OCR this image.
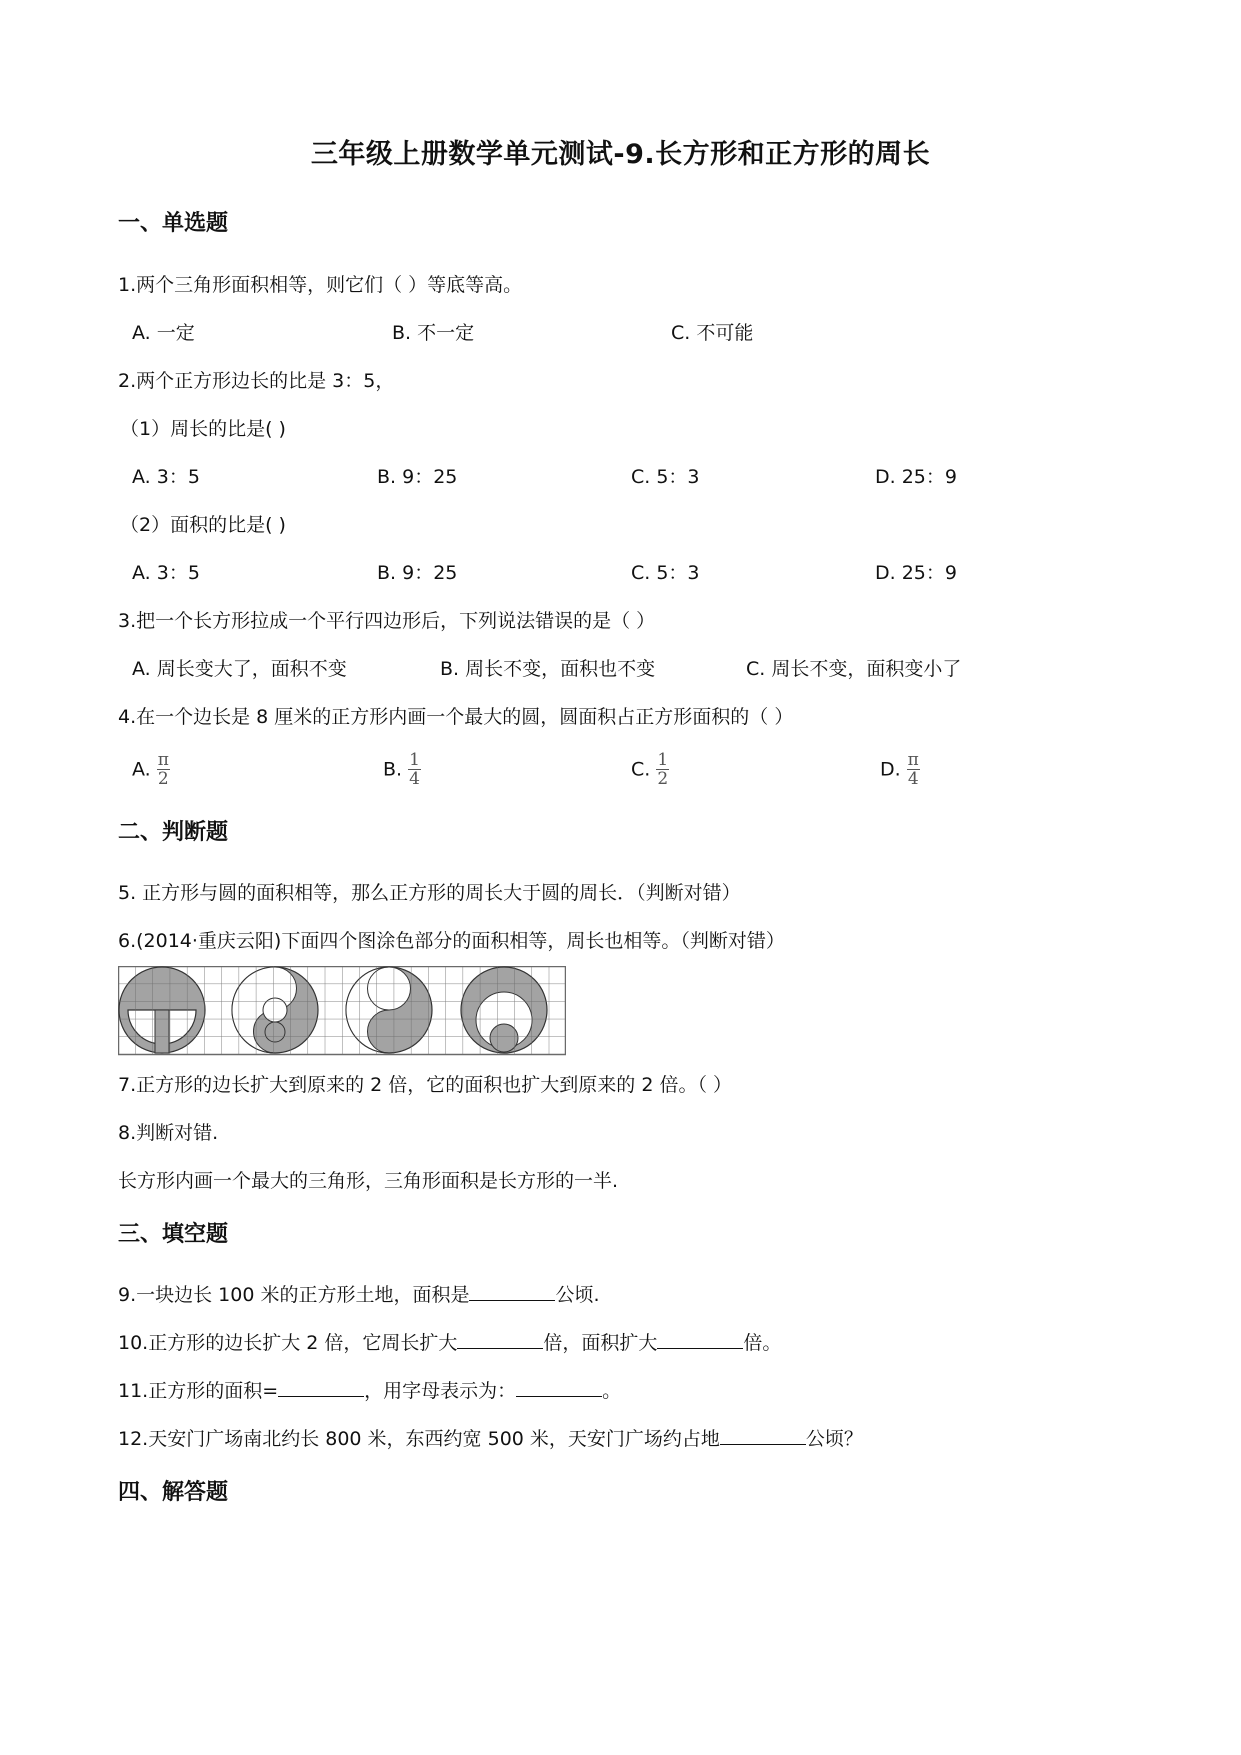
三年级上册数学单元测试-9.长方形和正方形的周长
一、单选题
1.两个三角形面积相等，则它们（ ）等底等高。
A. 一定	B. 不一定	C. 不可能
2.两个正方形边长的比是 3：5，
（1）周长的比是( )
A. 3：5	B. 9：25	C. 5：3	D. 25：9
（2）面积的比是( )
A. 3：5	B. 9：25	C. 5：3	D. 25：9
3.把一个长方形拉成一个平行四边形后，下列说法错误的是（ ）
A. 周长变大了，面积不变	B. 周长不变，面积也不变	C. 周长不变，面积变小了
4.在一个边长是 8 厘米的正方形内画一个最大的圆，圆面积占正方形面积的（ ）
A. $\frac{\pi}{2}$	B. $\frac{1}{4}$	C. $\frac{1}{2}$	D. $\frac{\pi}{4}$
二、判断题
5. 正方形与圆的面积相等，那么正方形的周长大于圆的周长．（判断对错）
6.(2014·重庆云阳)下面四个图涂色部分的面积相等，周长也相等。（判断对错）
7.正方形的边长扩大到原来的 2 倍，它的面积也扩大到原来的 2 倍。（ ）
8.判断对错.
长方形内画一个最大的三角形，三角形面积是长方形的一半.
三、填空题
9.一块边长 100 米的正方形土地，面积是	公顷.
10.正方形的边长扩大 2 倍，它周长扩大	倍，面积扩大	倍。
11.正方形的面积=	，用字母表示为：	。
12.天安门广场南北约长 800 米，东西约宽 500 米，天安门广场约占地	公顷？
四、解答题
